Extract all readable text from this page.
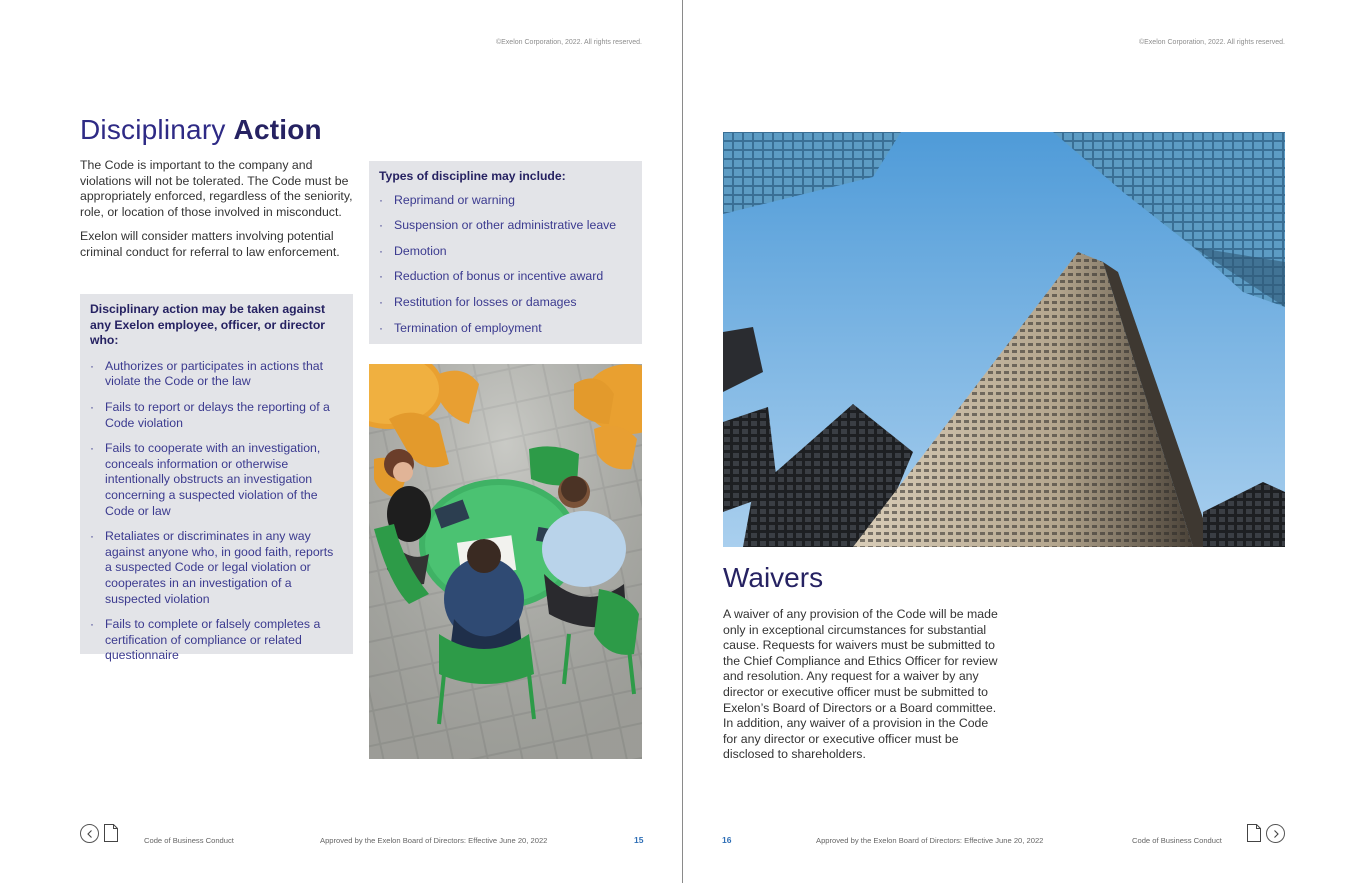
©Exelon Corporation, 2022. All rights reserved.
Disciplinary Action

The Code is important to the company and violations will not be tolerated. The Code must be appropriately enforced, regardless of the seniority, role, or location of those involved in misconduct.

Exelon will consider matters involving potential criminal conduct for referral to law enforcement.

Disciplinary action may be taken against any Exelon employee, officer, or director who:
· Authorizes or participates in actions that violate the Code or the law
· Fails to report or delays the reporting of a Code violation
· Fails to cooperate with an investigation, conceals information or otherwise intentionally obstructs an investigation concerning a suspected violation of the Code or law
· Retaliates or discriminates in any way against anyone who, in good faith, reports a suspected Code or legal violation or cooperates in an investigation of a suspected violation
· Fails to complete or falsely completes a certification of compliance or related questionnaire
Types of discipline may include:
· Reprimand or warning
· Suspension or other administrative leave
· Demotion
· Reduction of bonus or incentive award
· Restitution for losses or damages
· Termination of employment
Code of Business Conduct	Approved by the Exelon Board of Directors: Effective June 20, 2022	15
©Exelon Corporation, 2022. All rights reserved.
Waivers

A waiver of any provision of the Code will be made only in exceptional circumstances for substantial cause. Requests for waivers must be submitted to the Chief Compliance and Ethics Officer for review and resolution. Any request for a waiver by any director or executive officer must be submitted to Exelon’s Board of Directors or a Board committee. In addition, any waiver of a provision in the Code for any director or executive officer must be disclosed to shareholders.

16	Approved by the Exelon Board of Directors: Effective June 20, 2022	Code of Business Conduct
